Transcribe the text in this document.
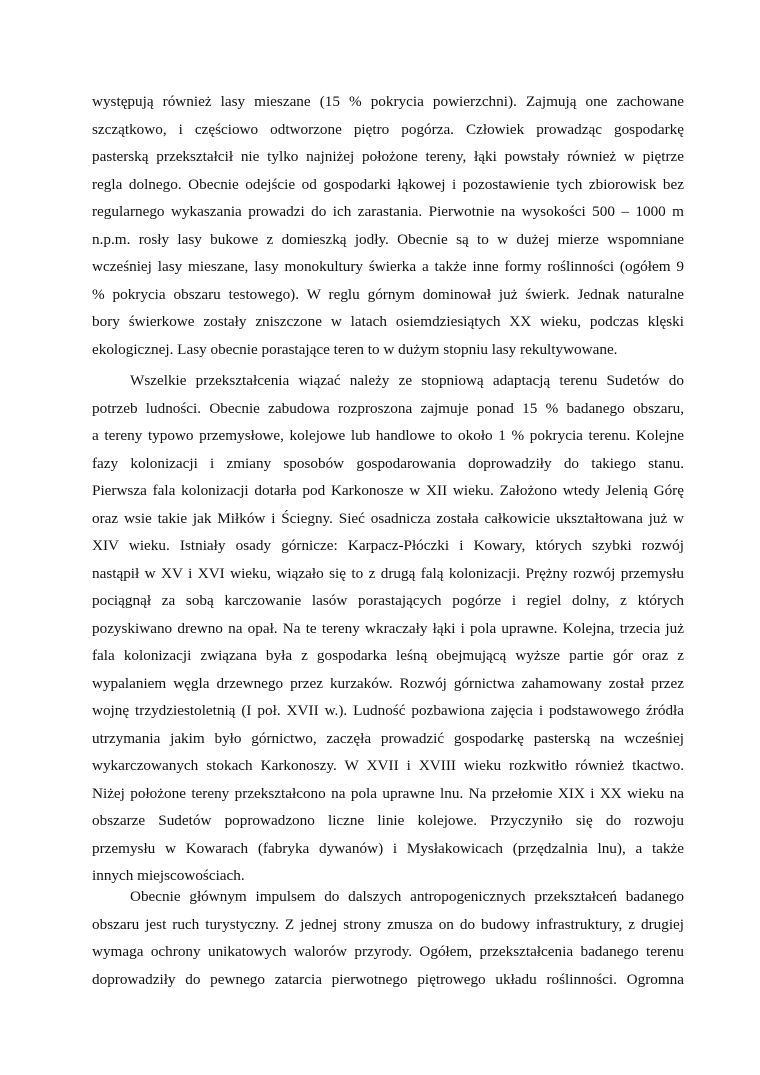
występują również lasy mieszane (15 % pokrycia powierzchni). Zajmują one zachowane
szczątkowo, i częściowo odtworzone piętro pogórza. Człowiek prowadząc gospodarkę
pasterską przekształcił nie tylko najniżej położone tereny, łąki powstały również w piętrze
regla dolnego. Obecnie odejście od gospodarki łąkowej i pozostawienie tych zbiorowisk bez
regularnego wykaszania prowadzi do ich zarastania. Pierwotnie na wysokości 500 – 1000 m
n.p.m. rosły lasy bukowe z domieszką jodły. Obecnie są to w dużej mierze wspomniane
wcześniej lasy mieszane, lasy monokultury świerka a także inne formy roślinności (ogółem 9
% pokrycia obszaru testowego). W reglu górnym dominował już świerk. Jednak naturalne
bory świerkowe zostały zniszczone w latach osiemdziesiątych XX wieku, podczas klęski
ekologicznej. Lasy obecnie porastające teren to w dużym stopniu lasy rekultywowane.
Wszelkie przekształcenia wiązać należy ze stopniową adaptacją terenu Sudetów do
potrzeb ludności. Obecnie zabudowa rozproszona zajmuje ponad 15 % badanego obszaru,
a tereny typowo przemysłowe, kolejowe lub handlowe to około 1 % pokrycia terenu. Kolejne
fazy kolonizacji i zmiany sposobów gospodarowania doprowadziły do takiego stanu.
Pierwsza fala kolonizacji dotarła pod Karkonosze w XII wieku. Założono wtedy Jelenią Górę
oraz wsie takie jak Miłków i Ściegny. Sieć osadnicza została całkowicie ukształtowana już w
XIV wieku. Istniały osady górnicze: Karpacz-Płóczki i Kowary, których szybki rozwój
nastąpił w XV i XVI wieku, wiązało się to z drugą falą kolonizacji. Prężny rozwój przemysłu
pociągnął za sobą karczowanie lasów porastających pogórze i regiel dolny, z których
pozyskiwano drewno na opał. Na te tereny wkraczały łąki i pola uprawne. Kolejna, trzecia już
fala kolonizacji związana była z gospodarka leśną obejmującą wyższe partie gór oraz z
wypalaniem węgla drzewnego przez kurzaków. Rozwój górnictwa zahamowany został przez
wojnę trzydziestoletnią (I poł. XVII w.). Ludność pozbawiona zajęcia i podstawowego źródła
utrzymania jakim było górnictwo, zaczęła prowadzić gospodarkę pasterską na wcześniej
wykarczowanych stokach Karkonoszy. W XVII i XVIII wieku rozkwitło również tkactwo.
Niżej położone tereny przekształcono na pola uprawne lnu. Na przełomie XIX i XX wieku na
obszarze Sudetów poprowadzono liczne linie kolejowe. Przyczyniło się do rozwoju
przemysłu w Kowarach (fabryka dywanów) i Mysłakowicach (przędzalnia lnu), a także
innych miejscowościach.
Obecnie głównym impulsem do dalszych antropogenicznych przekształceń badanego
obszaru jest ruch turystyczny. Z jednej strony zmusza on do budowy infrastruktury, z drugiej
wymaga ochrony unikatowych walorów przyrody. Ogółem, przekształcenia badanego terenu
doprowadziły do pewnego zatarcia pierwotnego piętrowego układu roślinności. Ogromna
